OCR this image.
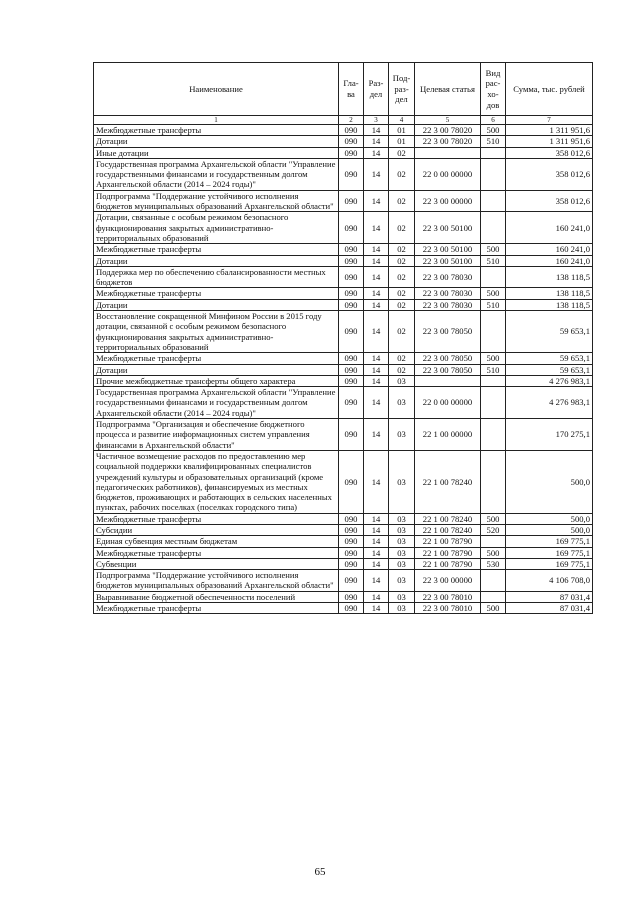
Наименование	Гла-ва	Раз-дел	Под-раз-дел	Целевая статья	Вид рас-хо-дов	Сумма, тыс. рублей
1	2	3	4	5	6	7
Межбюджетные трансферты	090	14	01	22 3 00 78020	500	1 311 951,6
Дотации	090	14	01	22 3 00 78020	510	1 311 951,6
Иные дотации	090	14	02			358 012,6
Государственная программа Архангельской области "Управление государственными финансами и государственным долгом Архангельской области (2014 – 2024 годы)"	090	14	02	22 0 00 00000		358 012,6
Подпрограмма "Поддержание устойчивого исполнения бюджетов муниципальных образований Архангельской области"	090	14	02	22 3 00 00000		358 012,6
Дотации, связанные с особым режимом безопасного функционирования закрытых административно-территориальных образований	090	14	02	22 3 00 50100		160 241,0
Межбюджетные трансферты	090	14	02	22 3 00 50100	500	160 241,0
Дотации	090	14	02	22 3 00 50100	510	160 241,0
Поддержка мер по обеспечению сбалансированности местных бюджетов	090	14	02	22 3 00 78030		138 118,5
Межбюджетные трансферты	090	14	02	22 3 00 78030	500	138 118,5
Дотации	090	14	02	22 3 00 78030	510	138 118,5
Восстановление сокращенной Минфином России в 2015 году дотации, связанной с особым режимом безопасного функционирования закрытых административно-территориальных образований	090	14	02	22 3 00 78050		59 653,1
Межбюджетные трансферты	090	14	02	22 3 00 78050	500	59 653,1
Дотации	090	14	02	22 3 00 78050	510	59 653,1
Прочие межбюджетные трансферты общего характера	090	14	03			4 276 983,1
Государственная программа Архангельской области "Управление государственными финансами и государственным долгом Архангельской области (2014 – 2024 годы)"	090	14	03	22 0 00 00000		4 276 983,1
Подпрограмма "Организация и обеспечение бюджетного процесса и развитие информационных систем управления финансами в Архангельской области"	090	14	03	22 1 00 00000		170 275,1
Частичное возмещение расходов по предоставлению мер социальной поддержки квалифицированных специалистов учреждений культуры и образовательных организаций (кроме педагогических работников), финансируемых из местных бюджетов, проживающих и работающих в сельских населенных пунктах, рабочих поселках (поселках городского типа)	090	14	03	22 1 00 78240		500,0
Межбюджетные трансферты	090	14	03	22 1 00 78240	500	500,0
Субсидии	090	14	03	22 1 00 78240	520	500,0
Единая субвенция местным бюджетам	090	14	03	22 1 00 78790		169 775,1
Межбюджетные трансферты	090	14	03	22 1 00 78790	500	169 775,1
Субвенции	090	14	03	22 1 00 78790	530	169 775,1
Подпрограмма "Поддержание устойчивого исполнения бюджетов муниципальных образований Архангельской области"	090	14	03	22 3 00 00000		4 106 708,0
Выравнивание бюджетной обеспеченности поселений	090	14	03	22 3 00 78010		87 031,4
Межбюджетные трансферты	090	14	03	22 3 00 78010	500	87 031,4
65
